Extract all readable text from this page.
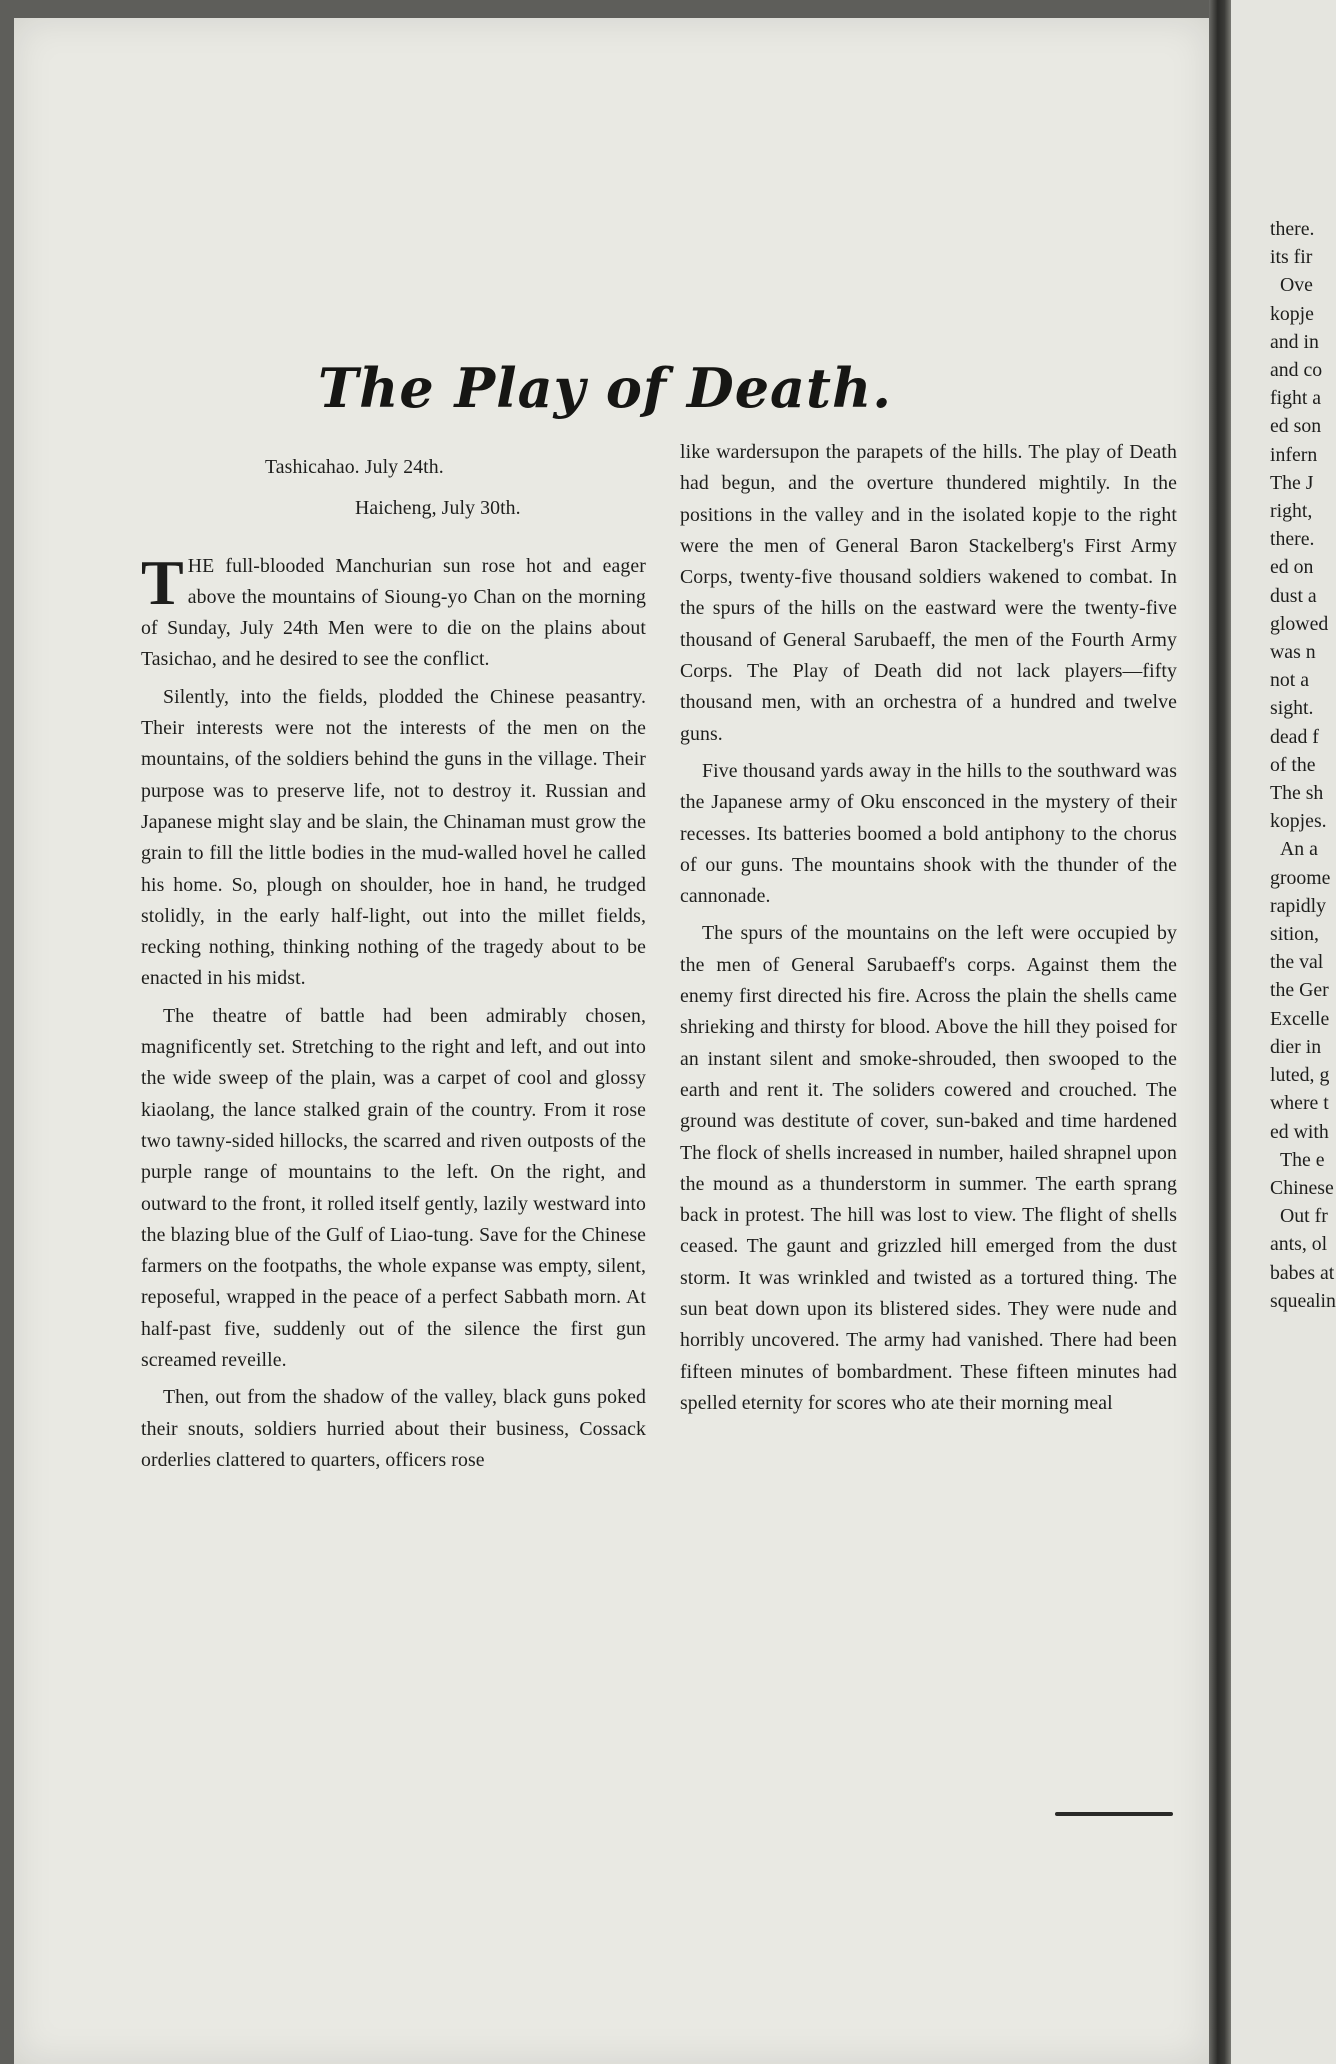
there.
its fir
Ove
kopje
and in
and co
fight a
ed son
infern
The J
right,
there.
ed on
dust a
glowed
was n
not a
sight.
dead f
of the
The sh
kopjes.
An a
groome
rapidly
sition,
the val
the Ger
Excelle
dier in
luted, g
where t
ed with
The e
Chinese
Out fr
ants, ol
babes at
squealin
The Play of Death.

Tashicahao. July 24th.

Haicheng, July 30th.

THE full-blooded Manchurian sun rose hot and eager above the mountains of Sioung-yo Chan on the morning of Sunday, July 24th Men were to die on the plains about Tasichao, and he desired to see the conflict.

Silently, into the fields, plodded the Chinese peasantry. Their interests were not the interests of the men on the mountains, of the soldiers behind the guns in the village. Their purpose was to preserve life, not to destroy it. Russian and Japanese might slay and be slain, the Chinaman must grow the grain to fill the little bodies in the mud-walled hovel he called his home. So, plough on shoulder, hoe in hand, he trudged stolidly, in the early half-light, out into the millet fields, recking nothing, thinking nothing of the tragedy about to be enacted in his midst.

The theatre of battle had been admirably chosen, magnificently set. Stretching to the right and left, and out into the wide sweep of the plain, was a carpet of cool and glossy kiaolang, the lance stalked grain of the country. From it rose two tawny-sided hillocks, the scarred and riven outposts of the purple range of mountains to the left. On the right, and outward to the front, it rolled itself gently, lazily westward into the blazing blue of the Gulf of Liao-tung. Save for the Chinese farmers on the footpaths, the whole expanse was empty, silent, reposeful, wrapped in the peace of a perfect Sabbath morn. At half-past five, suddenly out of the silence the first gun screamed reveille.

Then, out from the shadow of the valley, black guns poked their snouts, soldiers hurried about their business, Cossack orderlies clattered to quarters, officers rose

like wardersupon the parapets of the hills. The play of Death had begun, and the overture thundered mightily. In the positions in the valley and in the isolated kopje to the right were the men of General Baron Stackelberg's First Army Corps, twenty-five thousand soldiers wakened to combat. In the spurs of the hills on the eastward were the twenty-five thousand of General Sarubaeff, the men of the Fourth Army Corps. The Play of Death did not lack players—fifty thousand men, with an orchestra of a hundred and twelve guns.

Five thousand yards away in the hills to the southward was the Japanese army of Oku ensconced in the mystery of their recesses. Its batteries boomed a bold antiphony to the chorus of our guns. The mountains shook with the thunder of the cannonade.

The spurs of the mountains on the left were occupied by the men of General Sarubaeff's corps. Against them the enemy first directed his fire. Across the plain the shells came shrieking and thirsty for blood. Above the hill they poised for an instant silent and smoke-shrouded, then swooped to the earth and rent it. The soliders cowered and crouched. The ground was destitute of cover, sun-baked and time hardened The flock of shells increased in number, hailed shrapnel upon the mound as a thunderstorm in summer. The earth sprang back in protest. The hill was lost to view. The flight of shells ceased. The gaunt and grizzled hill emerged from the dust storm. It was wrinkled and twisted as a tortured thing. The sun beat down upon its blistered sides. They were nude and horribly uncovered. The army had vanished. There had been fifteen minutes of bombardment. These fifteen minutes had spelled eternity for scores who ate their morning meal
